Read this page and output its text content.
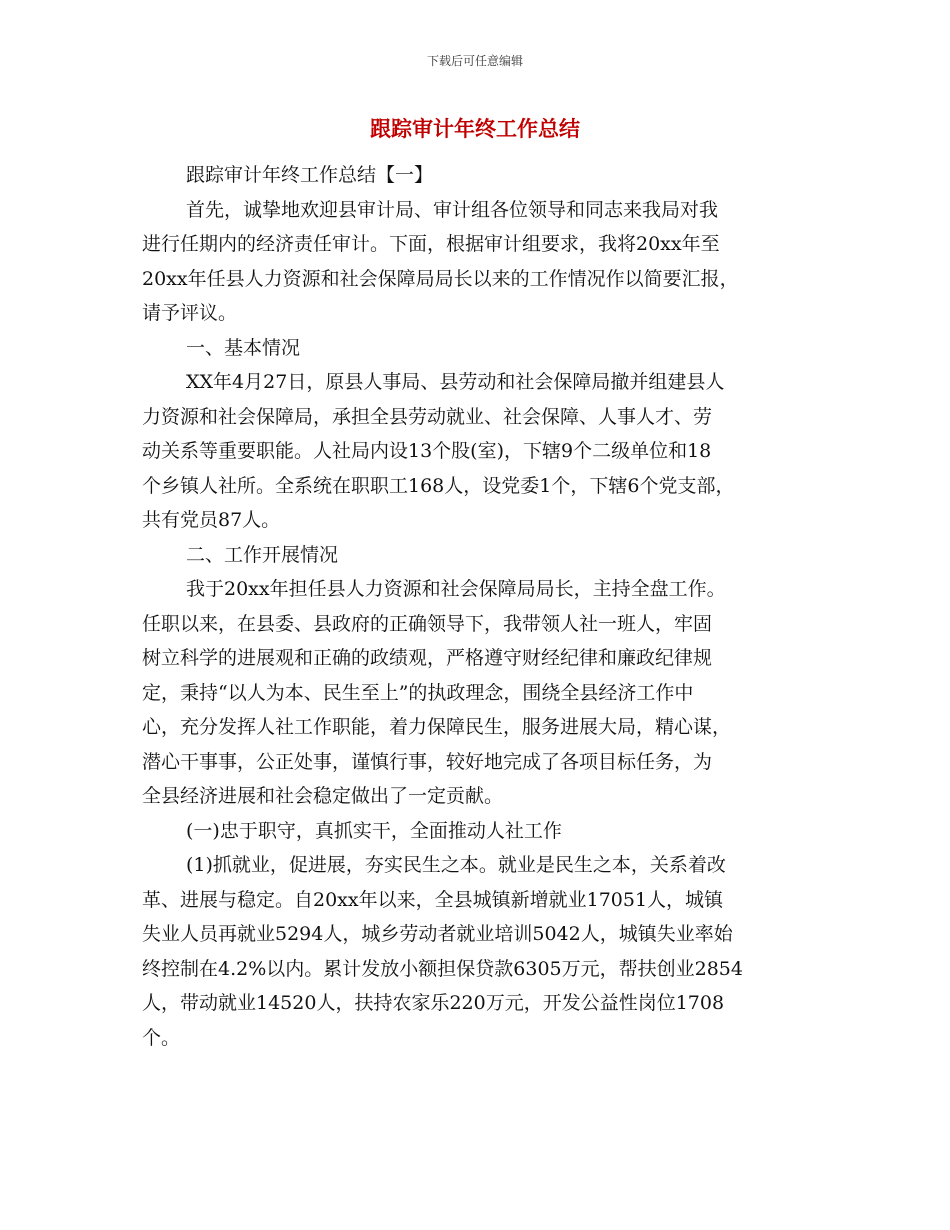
下载后可任意编辑
跟踪审计年终工作总结
跟踪审计年终工作总结【一】
首先，诚挚地欢迎县审计局、审计组各位领导和同志来我局对我
进行任期内的经济责任审计。下面，根据审计组要求，我将20xx年至
20xx年任县人力资源和社会保障局局长以来的工作情况作以简要汇报，
请予评议。
一、基本情况
XX年4月27日，原县人事局、县劳动和社会保障局撤并组建县人
力资源和社会保障局，承担全县劳动就业、社会保障、人事人才、劳
动关系等重要职能。人社局内设13个股(室)，下辖9个二级单位和18
个乡镇人社所。全系统在职职工168人，设党委1个，下辖6个党支部，
共有党员87人。
二、工作开展情况
我于20xx年担任县人力资源和社会保障局局长，主持全盘工作。
任职以来，在县委、县政府的正确领导下，我带领人社一班人，牢固
树立科学的进展观和正确的政绩观，严格遵守财经纪律和廉政纪律规
定，秉持“以人为本、民生至上”的执政理念，围绕全县经济工作中
心，充分发挥人社工作职能，着力保障民生，服务进展大局，精心谋，
潜心干事事，公正处事，谨慎行事，较好地完成了各项目标任务，为
全县经济进展和社会稳定做出了一定贡献。
(一)忠于职守，真抓实干，全面推动人社工作
(1)抓就业，促进展，夯实民生之本。就业是民生之本，关系着改
革、进展与稳定。自20xx年以来，全县城镇新增就业17051人，城镇
失业人员再就业5294人，城乡劳动者就业培训5042人，城镇失业率始
终控制在4.2%以内。累计发放小额担保贷款6305万元，帮扶创业2854
人，带动就业14520人，扶持农家乐220万元，开发公益性岗位1708
个。
